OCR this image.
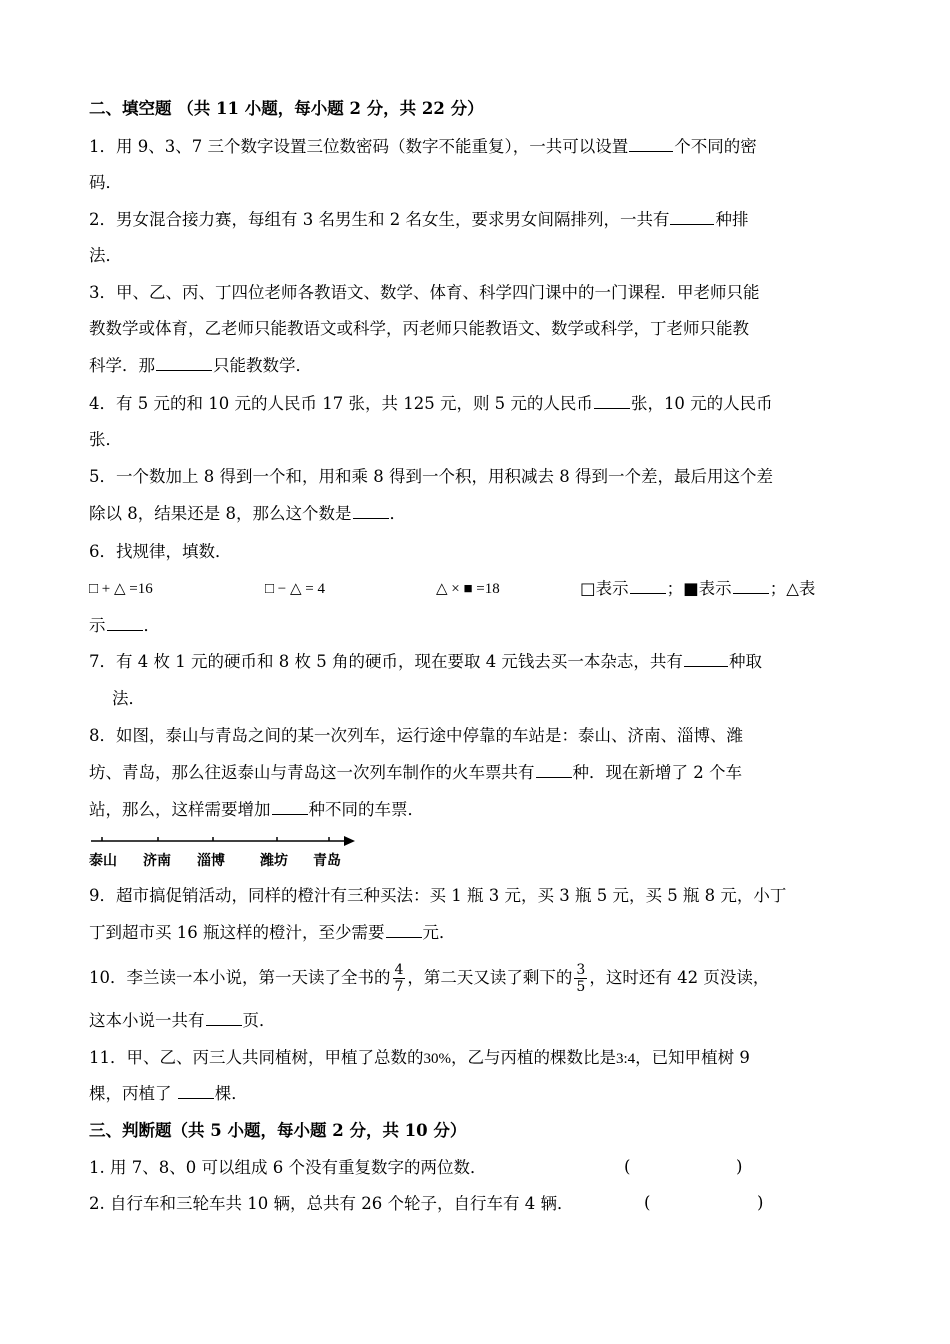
二、填空题 （共 11 小题，每小题 2 分，共 22 分）
1．用 9、3、7 三个数字设置三位数密码（数字不能重复），一共可以设置	个不同的密
码．
2．男女混合接力赛，每组有 3 名男生和 2 名女生，要求男女间隔排列，一共有	种排
法．
3．甲、乙、丙、丁四位老师各教语文、数学、体育、科学四门课中的一门课程．甲老师只能
教数学或体育，乙老师只能教语文或科学，丙老师只能教语文、数学或科学，丁老师只能教
科学．那	只能教数学．
4．有 5 元的和 10 元的人民币 17 张，共 125 元，则 5 元的人民币 张，10 元的人民币
张．
5．一个数加上 8 得到一个和，用和乘 8 得到一个积，用积减去 8 得到一个差，最后用这个差
除以 8，结果还是 8，那么这个数是 ．
6．找规律，填数．
□ + △ =16	□ − △ = 4	△ × ■ =18	□表示 ；■表示 ；△表
示 ．
7．有 4 枚 1 元的硬币和 8 枚 5 角的硬币，现在要取 4 元钱去买一本杂志，共有	种取
法．
8．如图，泰山与青岛之间的某一次列车，运行途中停靠的车站是：泰山、济南、淄博、潍
坊、青岛，那么往返泰山与青岛这一次列车制作的火车票共有 种．现在新增了 2 个车
站，那么，这样需要增加 种不同的车票．
泰山 济南 淄博	潍坊 青岛
9．超市搞促销活动，同样的橙汁有三种买法：买 1 瓶 3 元，买 3 瓶 5 元，买 5 瓶 8 元，小丁
丁到超市买 16 瓶这样的橙汁，至少需要 元．
10．李兰读一本小说，第一天读了全书的 $\frac{4}{7}$ ，第二天又读了剩下的 $\frac{3}{5}$ ，这时还有 42 页没读，
这本小说一共有 页．
11．甲、乙、丙三人共同植树，甲植了总数的30%，乙与丙植的棵数比是3:4，已知甲植树 9
棵，丙植了 棵．
三、判断题（共 5 小题，每小题 2 分，共 10 分）
1. 用 7、8、0 可以组成 6 个没有重复数字的两位数．	(	)
2. 自行车和三轮车共 10 辆，总共有 26 个轮子，自行车有 4 辆．	(	)
